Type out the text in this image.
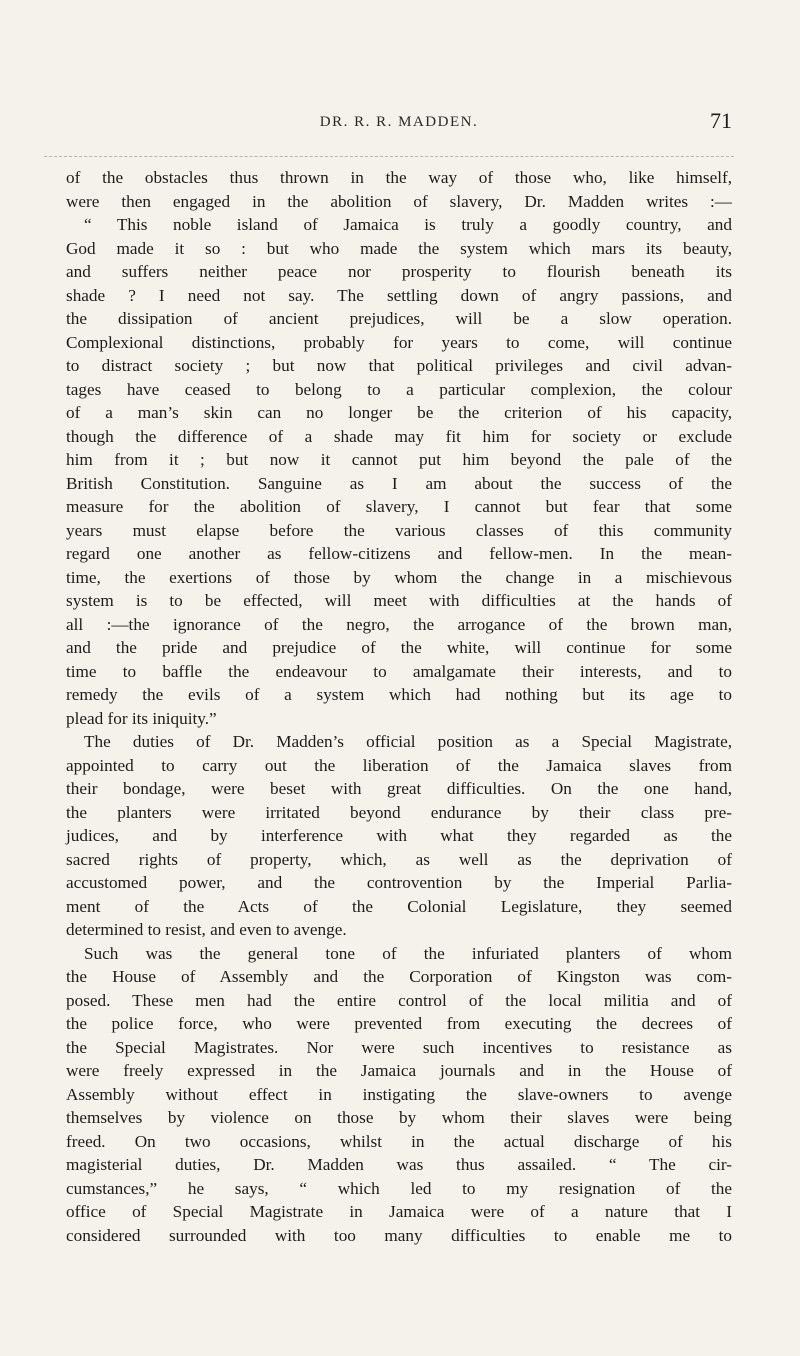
DR. R. R. MADDEN.	71
of the obstacles thus thrown in the way of those who, like himself,
were then engaged in the abolition of slavery, Dr. Madden writes :—
“ This noble island of Jamaica is truly a goodly country, and
God made it so : but who made the system which mars its beauty,
and suffers neither peace nor prosperity to flourish beneath its
shade ? I need not say. The settling down of angry passions, and
the dissipation of ancient prejudices, will be a slow operation.
Complexional distinctions, probably for years to come, will continue
to distract society ; but now that political privileges and civil advan-
tages have ceased to belong to a particular complexion, the colour
of a man’s skin can no longer be the criterion of his capacity,
though the difference of a shade may fit him for society or exclude
him from it ; but now it cannot put him beyond the pale of the
British Constitution. Sanguine as I am about the success of the
measure for the abolition of slavery, I cannot but fear that some
years must elapse before the various classes of this community
regard one another as fellow-citizens and fellow-men. In the mean-
time, the exertions of those by whom the change in a mischievous
system is to be effected, will meet with difficulties at the hands of
all :—the ignorance of the negro, the arrogance of the brown man,
and the pride and prejudice of the white, will continue for some
time to baffle the endeavour to amalgamate their interests, and to
remedy the evils of a system which had nothing but its age to
plead for its iniquity.”
The duties of Dr. Madden’s official position as a Special Magistrate,
appointed to carry out the liberation of the Jamaica slaves from
their bondage, were beset with great difficulties. On the one hand,
the planters were irritated beyond endurance by their class pre-
judices, and by interference with what they regarded as the
sacred rights of property, which, as well as the deprivation of
accustomed power, and the controvention by the Imperial Parlia-
ment of the Acts of the Colonial Legislature, they seemed
determined to resist, and even to avenge.
Such was the general tone of the infuriated planters of whom
the House of Assembly and the Corporation of Kingston was com-
posed. These men had the entire control of the local militia and of
the police force, who were prevented from executing the decrees of
the Special Magistrates. Nor were such incentives to resistance as
were freely expressed in the Jamaica journals and in the House of
Assembly without effect in instigating the slave-owners to avenge
themselves by violence on those by whom their slaves were being
freed. On two occasions, whilst in the actual discharge of his
magisterial duties, Dr. Madden was thus assailed. “ The cir-
cumstances,” he says, “ which led to my resignation of the
office of Special Magistrate in Jamaica were of a nature that I
considered surrounded with too many difficulties to enable me to
